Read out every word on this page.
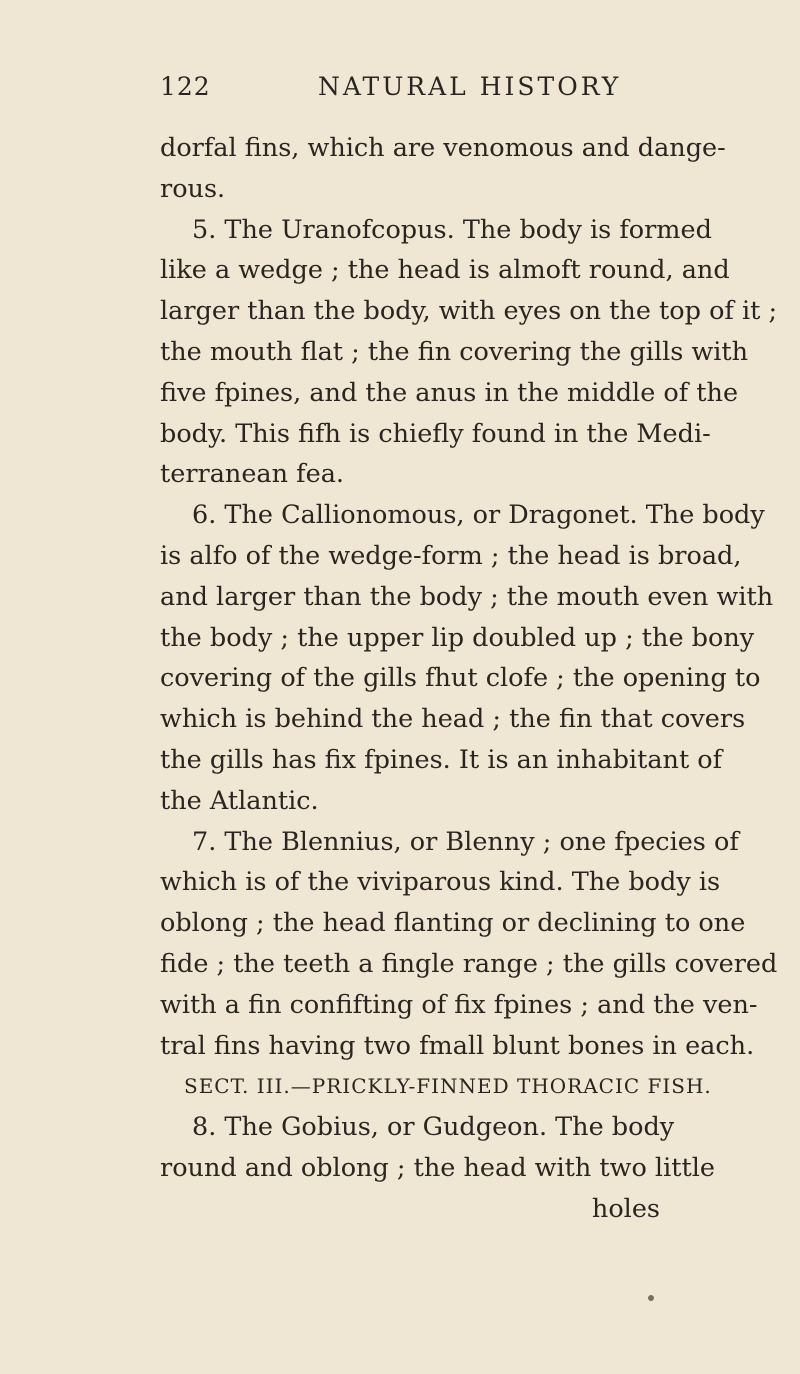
122	NATURAL HISTORY
dorfal fins, which are venomous and dange-
rous.
5. The Uranofcopus. The body is formed
like a wedge ; the head is almoft round, and
larger than the body, with eyes on the top of it ;
the mouth flat ; the fin covering the gills with
five fpines, and the anus in the middle of the
body. This fifh is chiefly found in the Medi-
terranean fea.
6. The Callionomous, or Dragonet. The body
is alfo of the wedge-form ; the head is broad,
and larger than the body ; the mouth even with
the body ; the upper lip doubled up ; the bony
covering of the gills fhut clofe ; the opening to
which is behind the head ; the fin that covers
the gills has fix fpines. It is an inhabitant of
the Atlantic.
7. The Blennius, or Blenny ; one fpecies of
which is of the viviparous kind. The body is
oblong ; the head flanting or declining to one
fide ; the teeth a fingle range ; the gills covered
with a fin confifting of fix fpines ; and the ven-
tral fins having two fmall blunt bones in each.
SECT. III.—PRICKLY-FINNED THORACIC FISH.
8. The Gobius, or Gudgeon. The body
round and oblong ; the head with two little
holes
